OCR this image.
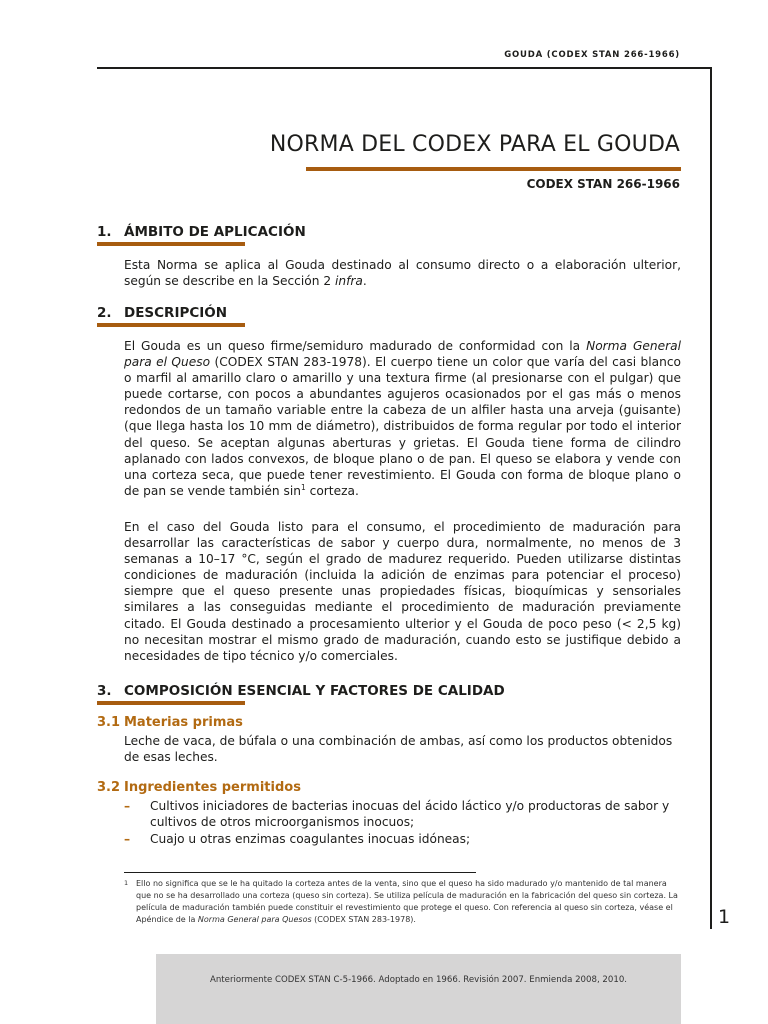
GOUDA (CODEX STAN 266-1966)
NORMA DEL CODEX PARA EL GOUDA
CODEX STAN 266-1966
1. ÁMBITO DE APLICACIÓN

Esta Norma se aplica al Gouda destinado al consumo directo o a elaboración ulterior, según se describe en la Sección 2 infra.

2. DESCRIPCIÓN

El Gouda es un queso firme/semiduro madurado de conformidad con la Norma General para el Queso (CODEX STAN 283-1978). El cuerpo tiene un color que varía del casi blanco o marfil al amarillo claro o amarillo y una textura firme (al presionarse con el pulgar) que puede cortarse, con pocos a abundantes agujeros ocasionados por el gas más o menos redondos de un tamaño variable entre la cabeza de un alfiler hasta una arveja (guisante) (que llega hasta los 10 mm de diámetro), distribuidos de forma regular por todo el interior del queso. Se aceptan algunas aberturas y grietas. El Gouda tiene forma de cilindro aplanado con lados convexos, de bloque plano o de pan. El queso se elabora y vende con una corteza seca, que puede tener revestimiento. El Gouda con forma de bloque plano o de pan se vende también $\sin^1$ corteza.

En el caso del Gouda listo para el consumo, el procedimiento de maduración para desarrollar las características de sabor y cuerpo dura, normalmente, no menos de 3 semanas a 10–17 °C, según el grado de madurez requerido. Pueden utilizarse distintas condiciones de maduración (incluida la adición de enzimas para potenciar el proceso) siempre que el queso presente unas propiedades físicas, bioquímicas y sensoriales similares a las conseguidas mediante el procedimiento de maduración previamente citado. El Gouda destinado a procesamiento ulterior y el Gouda de poco peso (< 2,5 kg) no necesitan mostrar el mismo grado de maduración, cuando esto se justifique debido a necesidades de tipo técnico y/o comerciales.

3. COMPOSICIÓN ESENCIAL Y FACTORES DE CALIDAD
3.1 Materias primas

Leche de vaca, de búfala o una combinación de ambas, así como los productos obtenidos de esas leches.

3.2 Ingredientes permitidos
– Cultivos iniciadores de bacterias inocuas del ácido láctico y/o productoras de sabor y cultivos de otros microorganismos inocuos;
– Cuajo u otras enzimas coagulantes inocuas idóneas;

1 Ello no significa que se le ha quitado la corteza antes de la venta, sino que el queso ha sido madurado y/o mantenido de tal manera que no se ha desarrollado una corteza (queso sin corteza). Se utiliza película de maduración en la fabricación del queso sin corteza. La película de maduración también puede constituir el revestimiento que protege el queso. Con referencia al queso sin corteza, véase el Apéndice de la Norma General para Quesos (CODEX STAN 283-1978).	1
Anteriormente CODEX STAN C-5-1966. Adoptado en 1966. Revisión 2007. Enmienda 2008, 2010.
